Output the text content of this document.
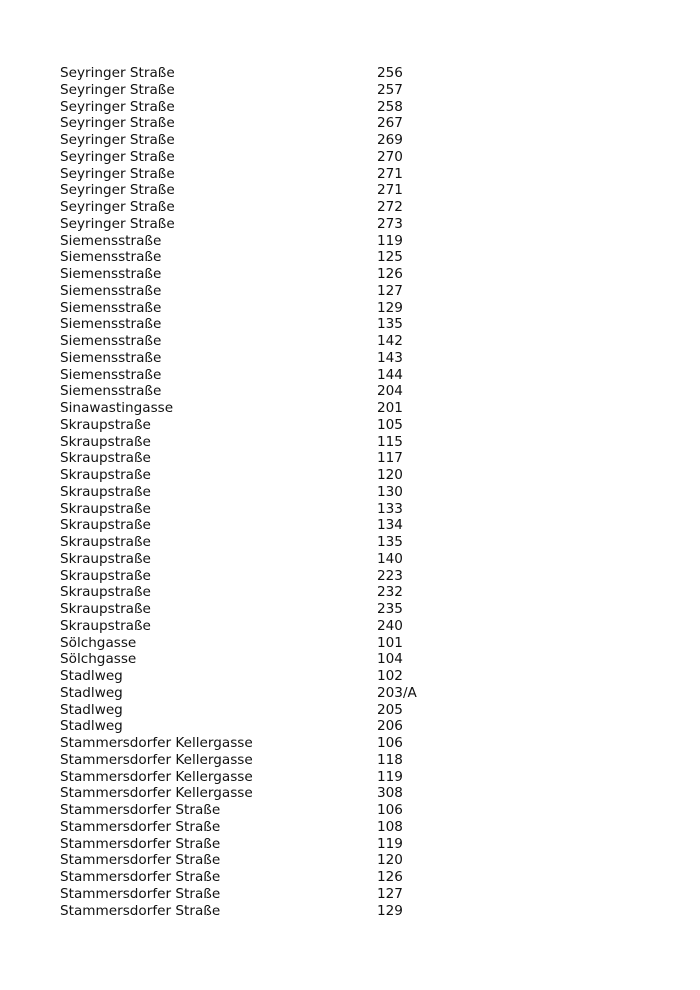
Seyringer Straße	256
Seyringer Straße	257
Seyringer Straße	258
Seyringer Straße	267
Seyringer Straße	269
Seyringer Straße	270
Seyringer Straße	271
Seyringer Straße	271
Seyringer Straße	272
Seyringer Straße	273
Siemensstraße	119
Siemensstraße	125
Siemensstraße	126
Siemensstraße	127
Siemensstraße	129
Siemensstraße	135
Siemensstraße	142
Siemensstraße	143
Siemensstraße	144
Siemensstraße	204
Sinawastingasse	201
Skraupstraße	105
Skraupstraße	115
Skraupstraße	117
Skraupstraße	120
Skraupstraße	130
Skraupstraße	133
Skraupstraße	134
Skraupstraße	135
Skraupstraße	140
Skraupstraße	223
Skraupstraße	232
Skraupstraße	235
Skraupstraße	240
Sölchgasse	101
Sölchgasse	104
Stadlweg	102
Stadlweg	203/A
Stadlweg	205
Stadlweg	206
Stammersdorfer Kellergasse	106
Stammersdorfer Kellergasse	118
Stammersdorfer Kellergasse	119
Stammersdorfer Kellergasse	308
Stammersdorfer Straße	106
Stammersdorfer Straße	108
Stammersdorfer Straße	119
Stammersdorfer Straße	120
Stammersdorfer Straße	126
Stammersdorfer Straße	127
Stammersdorfer Straße	129
